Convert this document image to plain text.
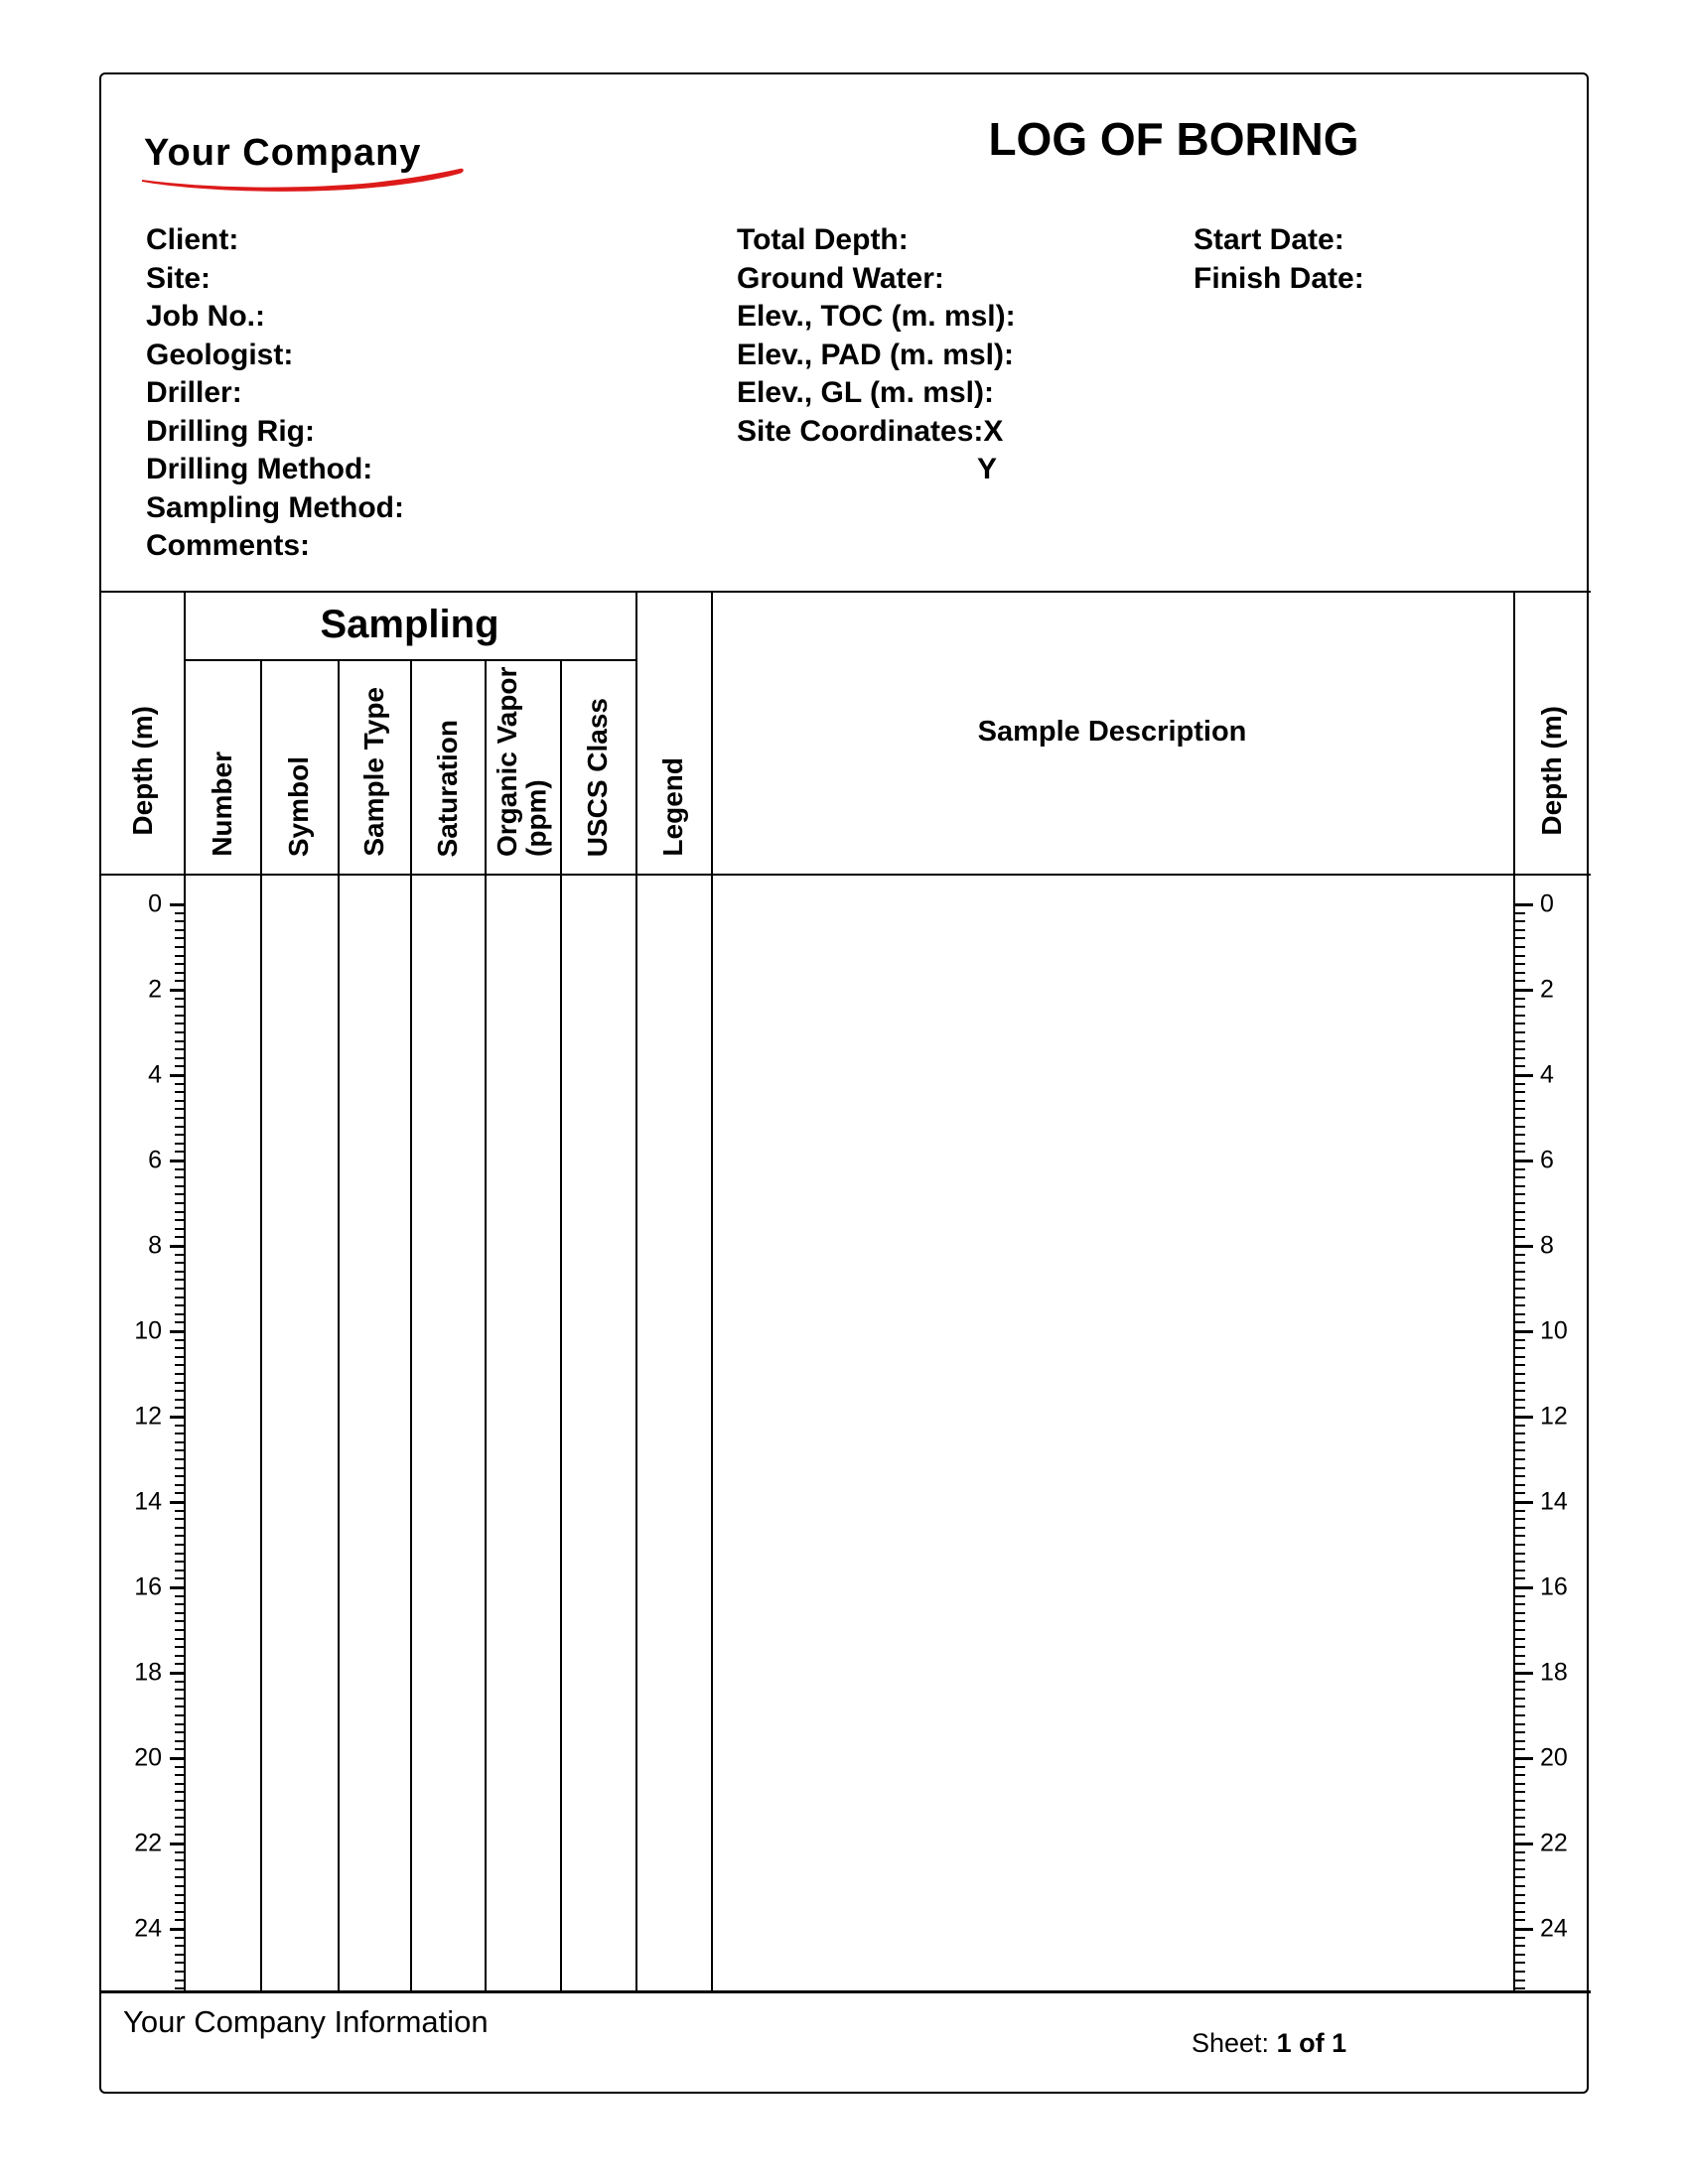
Your Company	LOG OF BORING
Client:
Site:
Job No.:
Geologist:
Driller:
Drilling Rig:
Drilling Method:
Sampling Method:
Comments:
Y
Total Depth:
Ground Water:
Elev., TOC (m. msl):
Elev., PAD (m. msl):
Elev., GL (m. msl):
Site Coordinates:X
Start Date:
Finish Date:
Depth (m)
Sampling
Number Symbol Sample Type Saturation Organic Vapor (ppm) USCS Class Legend
Sample Description	Depth (m)
0
2
4
6
8
10
12
14
16
18
20
22
24
0
2
4
6
8
10
12
14
16
18
20
22
24
Your Company Information
Sheet: 1 of 1
